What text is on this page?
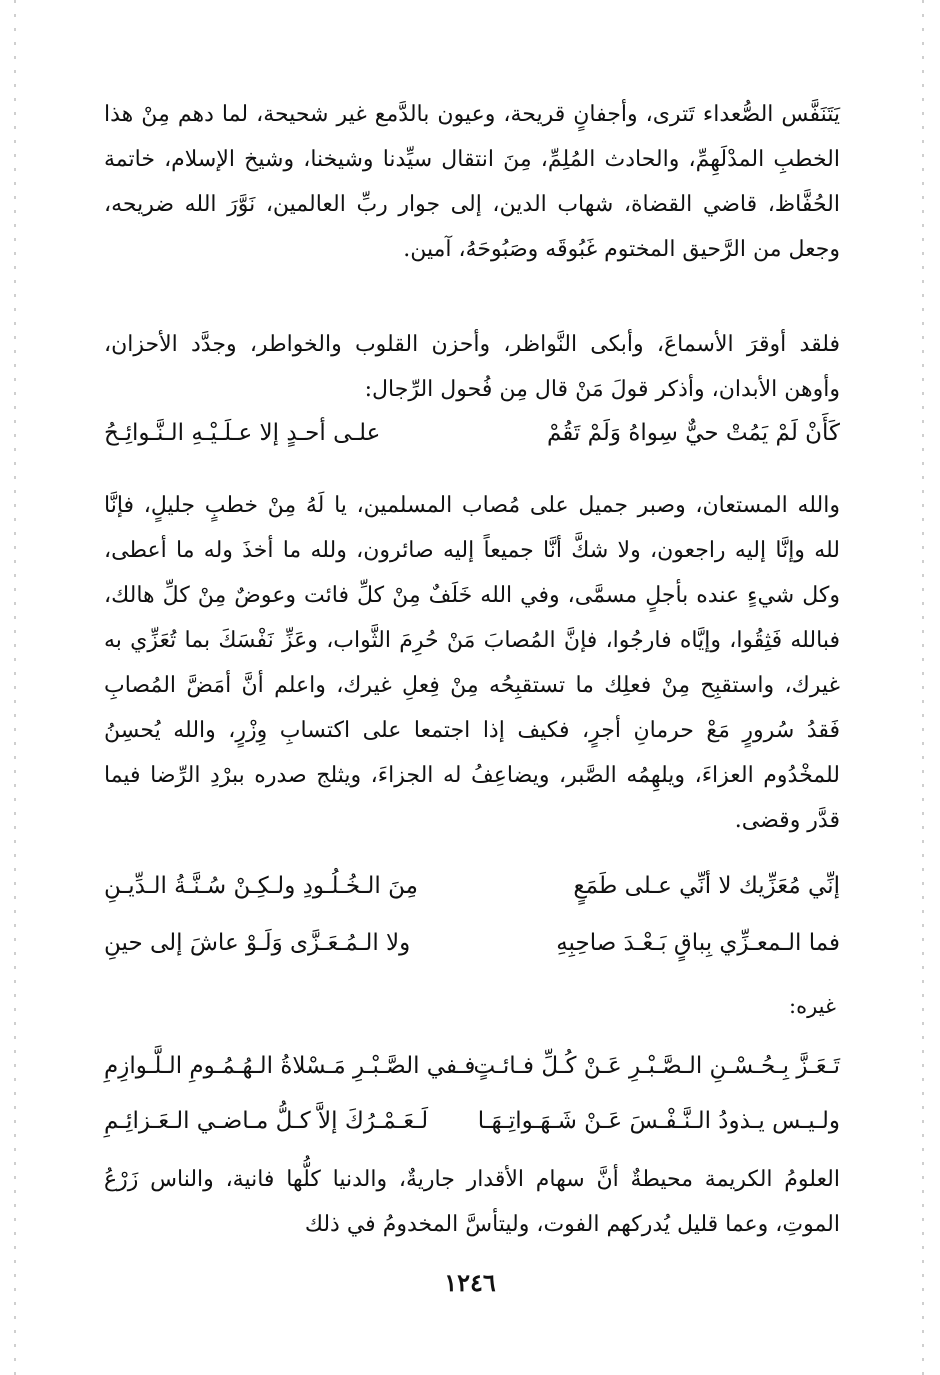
يَتَنَفَّس الصُّعداء تَترى، وأجفانٍ قريحة، وعيون بالدَّمع غير شحيحة، لما دهم مِنْ هذا الخطبِ المدْلَهِمِّ، والحادث المُلِمِّ، مِنَ انتقال سيِّدنا وشيخنا، وشيخ الإسلام، خاتمة الحُفَّاظ، قاضي القضاة، شهاب الدين، إلى جوار ربِّ العالمين، نَوَّرَ الله ضريحه، وجعل من الرَّحيق المختوم غَبُوقَه وصَبُوحَهُ، آمين.

فلقد أوقرَ الأسماعَ، وأبكى النَّواظر، وأحزن القلوب والخواطر، وجدَّد الأحزان، وأوهن الأبدان، وأذكر قولَ مَنْ قال مِن فُحول الرِّجال:

كَأَنْ لَمْ يَمُتْ حيٌّ سِواهُ وَلَمْ تَقُمْ
علـى أحـدٍ إلا عـلَـيْـهِ الـنَّـوائِـحُ

والله المستعان، وصبر جميل على مُصاب المسلمين، يا لَهُ مِنْ خطبٍ جليلٍ، فإنَّا لله وإنَّا إليه راجعون، ولا شكَّ أنَّا جميعاً إليه صائرون، ولله ما أخذَ وله ما أعطى، وكل شيءٍ عنده بأجلٍ مسمَّى، وفي الله خَلَفٌ مِنْ كلِّ فائت وعوضٌ مِنْ كلِّ هالك، فبالله فَثِقُوا، وإيَّاه فارجُوا، فإنَّ المُصابَ مَنْ حُرِمَ الثَّواب، وعَزِّ نَفْسَكَ بما تُعَزِّي به غيرك، واستقبِح مِنْ فعلِك ما تستقبِحُه مِنْ فِعلِ غيرك، واعلم أنَّ أمَضَّ المُصابِ فَقدُ سُرورٍ مَعْ حرمانِ أجرٍ، فكيف إذا اجتمعا على اكتسابِ وِزْرٍ، والله يُحسِنُ للمخْدُوم العزاءَ، ويلهِمُه الصَّبر، ويضاعِفُ له الجزاءَ، ويثلج صدره ببرْدِ الرِّضا فيما قدَّر وقضى.

إنِّي مُعَزِّيك لا أنِّي عـلى طَمَعٍ
مِنَ الـخُـلُـودِ ولـكِـنْ سُـنَّـةُ الـدِّيـنِ
فما الـمعـزِّي ﺑِﺒﺎقٍ بَـعْـدَ صاحِبِهِ
ولا الـمُـعَـزَّى وَلَـوْ عاشَ إلى حينِ
غيره:
تَـعَـزَّ بِـحُـسْـنِ الـصَّـبْـرِ عَـنْ كُـلِّ فـائـتٍ
فـفي الصَّـبْـرِ مَـسْلاةُ الـهُـمُـومِ الـلَّـوازِمِ
ولـيـس يـذودُ الـنَّـفْـسَ عَـنْ شَـهَـواتِـهَـا
لَـعَـمْـرُكَ إلاَّ كـلُّ مـاضـي الـعَـزائِـمِ

العلومُ الكريمة محيطةٌ أنَّ سهام الأقدار جاريةٌ، والدنيا كلُّها فانية، والناس زَرْعُ الموتِ، وعما قليل يُدركهم الفوت، وليتأسَّ المخدومُ في ذلك

١٢٤٦
